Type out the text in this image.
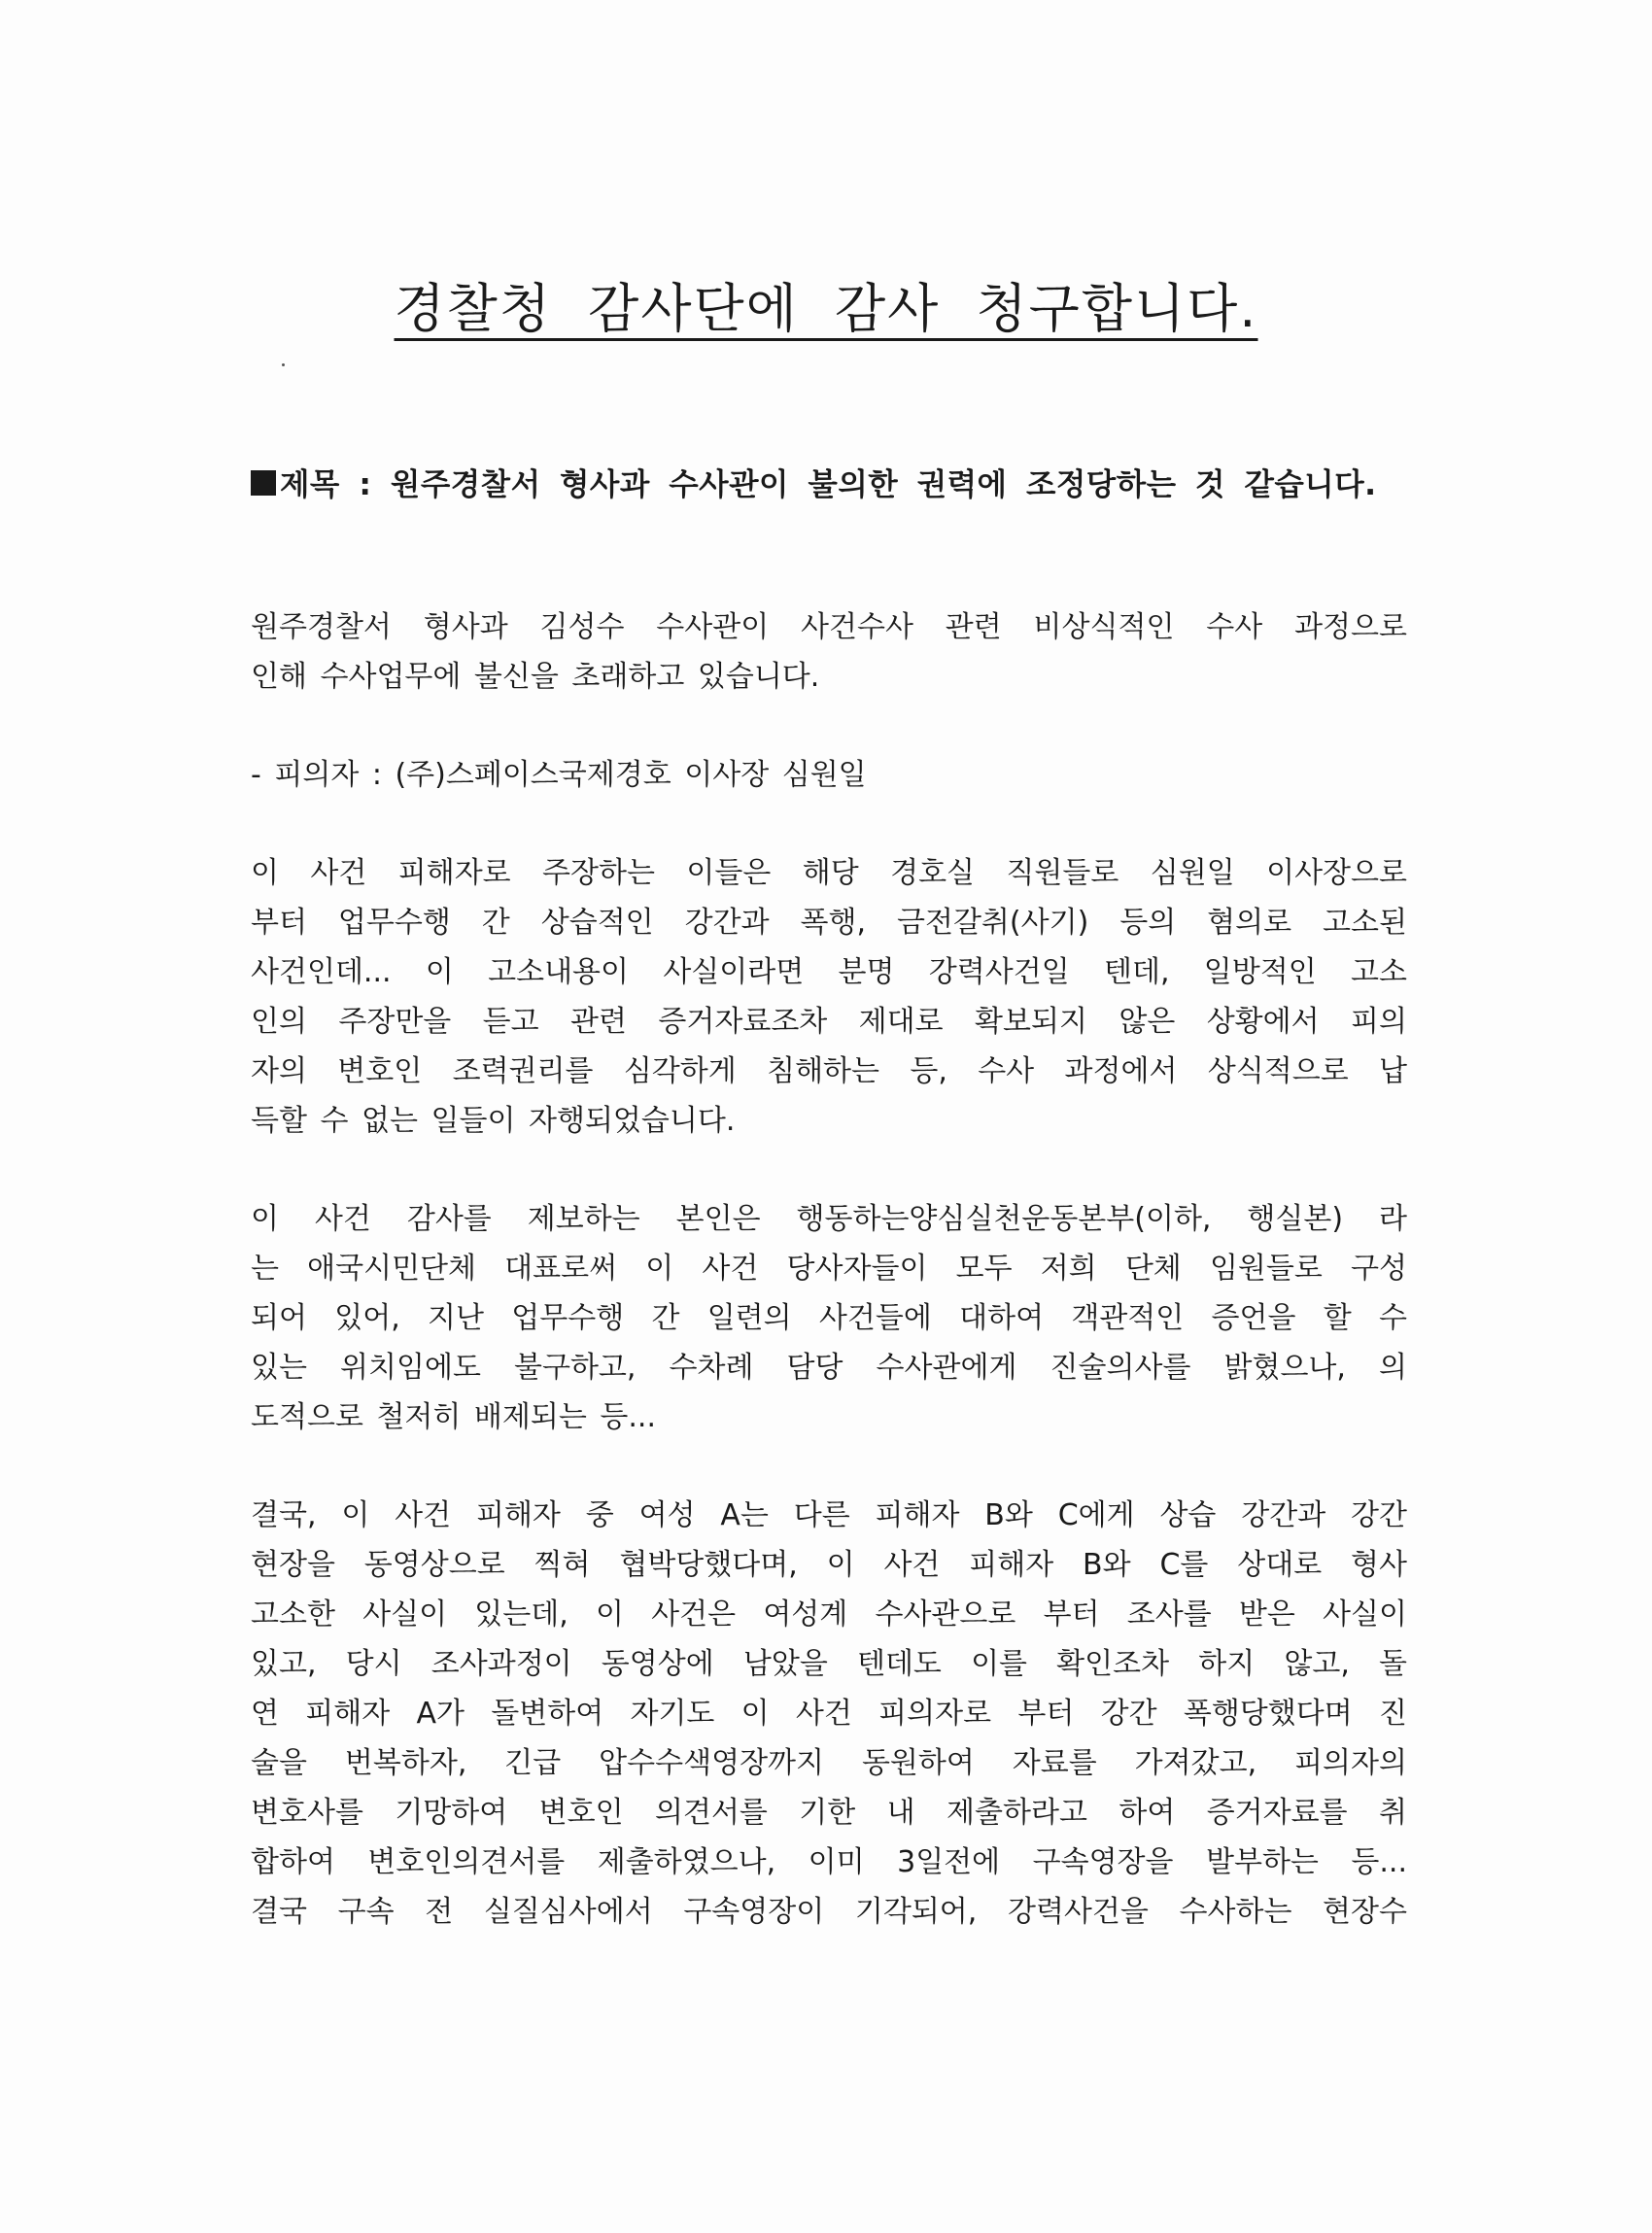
경찰청 감사단에 감사 청구합니다.
제목 : 원주경찰서 형사과 수사관이 불의한 권력에 조정당하는 것 같습니다.

원주경찰서 형사과 김성수 수사관이 사건수사 관련 비상식적인 수사 과정으로
인해 수사업무에 불신을 초래하고 있습니다.

- 피의자 : (주)스페이스국제경호 이사장 심원일

이 사건 피해자로 주장하는 이들은 해당 경호실 직원들로 심원일 이사장으로
부터 업무수행 간 상습적인 강간과 폭행, 금전갈취(사기) 등의 혐의로 고소된
사건인데... 이 고소내용이 사실이라면 분명 강력사건일 텐데, 일방적인 고소
인의 주장만을 듣고 관련 증거자료조차 제대로 확보되지 않은 상황에서 피의
자의 변호인 조력권리를 심각하게 침해하는 등, 수사 과정에서 상식적으로 납
득할 수 없는 일들이 자행되었습니다.

이 사건 감사를 제보하는 본인은 행동하는양심실천운동본부(이하, 행실본) 라
는 애국시민단체 대표로써 이 사건 당사자들이 모두 저희 단체 임원들로 구성
되어 있어, 지난 업무수행 간 일련의 사건들에 대하여 객관적인 증언을 할 수
있는 위치임에도 불구하고, 수차례 담당 수사관에게 진술의사를 밝혔으나, 의
도적으로 철저히 배제되는 등...

결국, 이 사건 피해자 중 여성 A는 다른 피해자 B와 C에게 상습 강간과 강간
현장을 동영상으로 찍혀 협박당했다며, 이 사건 피해자 B와 C를 상대로 형사
고소한 사실이 있는데, 이 사건은 여성계 수사관으로 부터 조사를 받은 사실이
있고, 당시 조사과정이 동영상에 남았을 텐데도 이를 확인조차 하지 않고, 돌
연 피해자 A가 돌변하여 자기도 이 사건 피의자로 부터 강간 폭행당했다며 진
술을 번복하자, 긴급 압수수색영장까지 동원하여 자료를 가져갔고, 피의자의
변호사를 기망하여 변호인 의견서를 기한 내 제출하라고 하여 증거자료를 취
합하여 변호인의견서를 제출하였으나, 이미 3일전에 구속영장을 발부하는 등...
결국 구속 전 실질심사에서 구속영장이 기각되어, 강력사건을 수사하는 현장수
